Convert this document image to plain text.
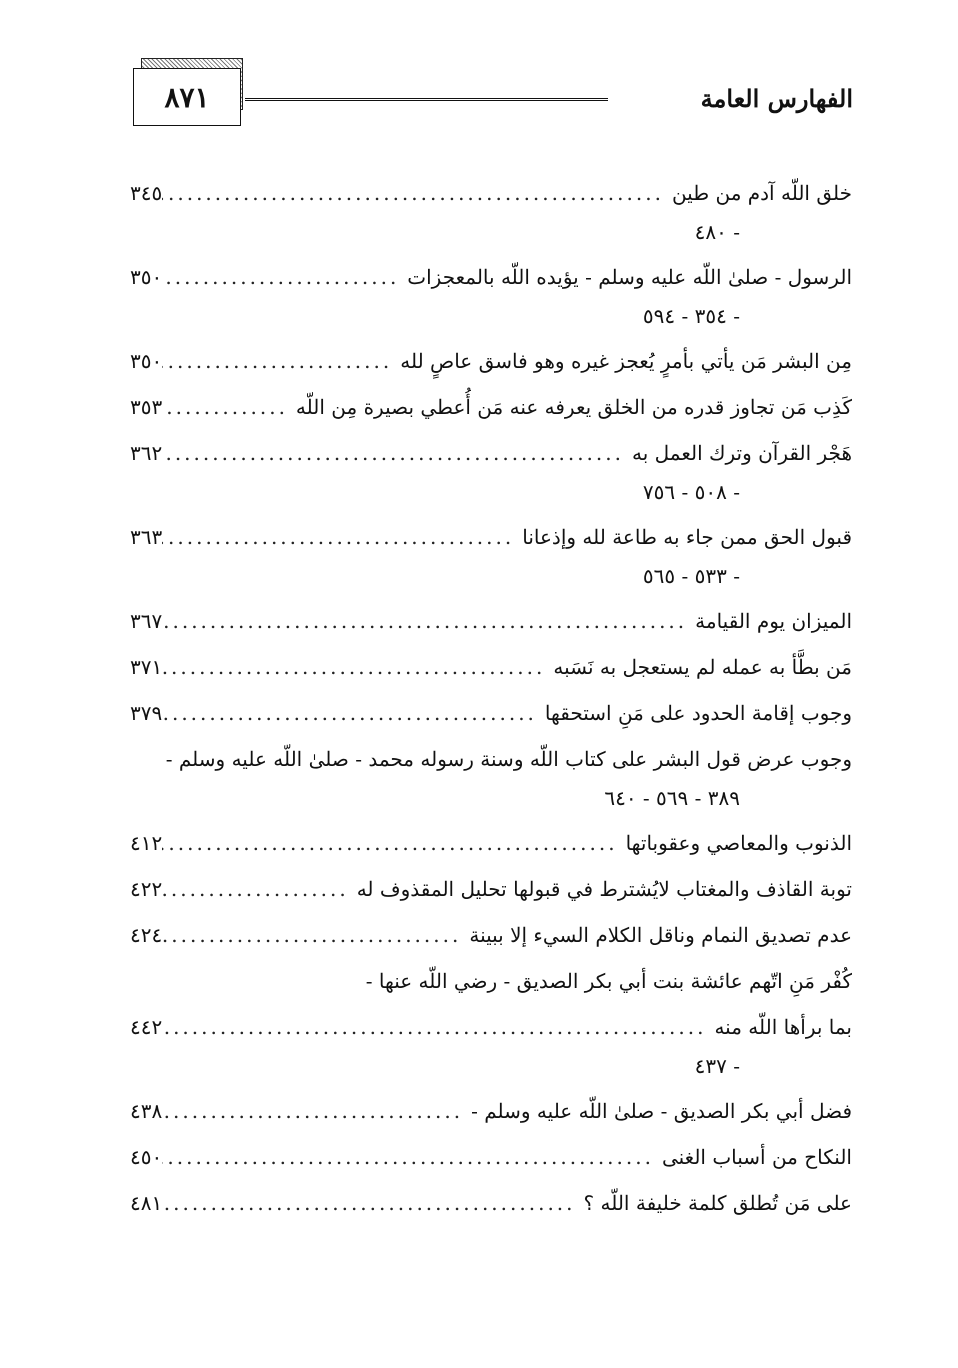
٨٧١	الفهارس العامة
خلق اللّه آدم من طين
.....
٣٤٥
- ٤٨٠
الرسول - صلىٰ اللّه عليه وسلم - يؤيده اللّه بالمعجزات
.....
٣٥٠
- ٣٥٤ - ٥٩٤
مِن البشر مَن يأتي بأمرٍ يُعجز غيره وهو فاسق عاصٍ لله
.....
٣٥٠
كَذِب مَن تجاوز قدره من الخلق يعرفه عنه مَن أُعطي بصيرة مِن اللّه
.....
٣٥٣
هَجْر القرآن وترك العمل به
.....
٣٦٢
- ٥٠٨ - ٧٥٦
قبول الحق ممن جاء به طاعة لله وإذعانا
.....
٣٦٣
- ٥٣٣ - ٥٦٥
الميزان يوم القيامة
.....
٣٦٧
مَن بطَّأ به عمله لم يستعجل به نَسَبه
.....
٣٧١
وجوب إقامة الحدود على مَنِ استحقها
.....
٣٧٩
وجوب عرض قول البشر على كتاب اللّه وسنة رسوله محمد - صلىٰ اللّه عليه وسلم -
٣٨٩ - ٥٦٩ - ٦٤٠
الذنوب والمعاصي وعقوباتها
.....
٤١٢
توبة القاذف والمغتاب لايُشترط في قبولها تحليل المقذوف له
.....
٤٢٢
عدم تصديق النمام وناقل الكلام السيء إلا ببينة
.....
٤٢٤
كُفْر مَنِ اتّهم عائشة بنت أبي بكر الصديق - رضي اللّه عنها -
بما برأها اللّه منه
.....
٤٤٢
- ٤٣٧
فضل أبي بكر الصديق - صلىٰ اللّه عليه وسلم -
.....
٤٣٨
النكاح من أسباب الغنى
.....
٤٥٠
على مَن تُطلق كلمة خليفة اللّه ؟
.....
٤٨١
